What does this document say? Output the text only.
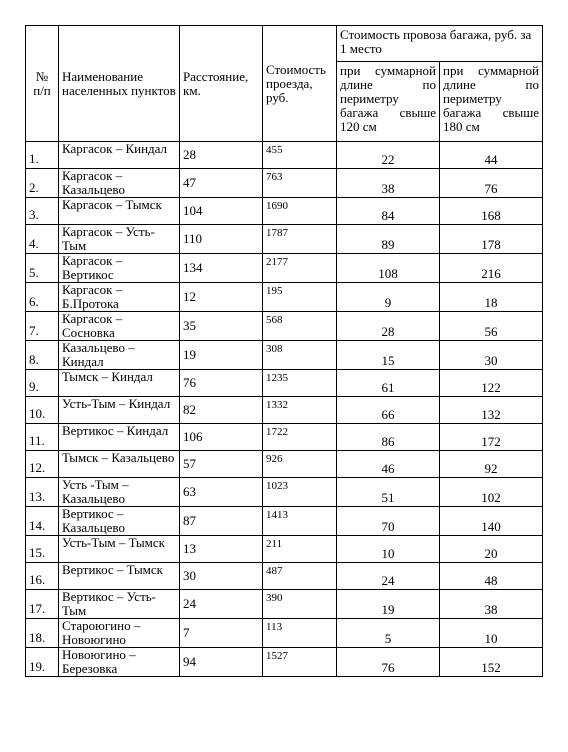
№ п/п	Наименование населенных пунктов	Расстояние, км.	Стоимость проезда, руб.	Стоимость провоза багажа, руб. за 1 место	
				при суммарной длине по периметру багажа свыше 120 см	при суммарной длине по периметру багажа свыше 180 см
1.	Каргасок – Киндал	28	455	22	44
2.	Каргасок – Казальцево	47	763	38	76
3.	Каргасок – Тымск	104	1690	84	168
4.	Каргасок – Усть-Тым	110	1787	89	178
5.	Каргасок – Вертикос	134	2177	108	216
6.	Каргасок – Б.Протока	12	195	9	18
7.	Каргасок – Сосновка	35	568	28	56
8.	Казальцево – Киндал	19	308	15	30
9.	Тымск – Киндал	76	1235	61	122
10.	Усть-Тым – Киндал	82	1332	66	132
11.	Вертикос – Киндал	106	1722	86	172
12.	Тымск – Казальцево	57	926	46	92
13.	Усть -Тым – Казальцево	63	1023	51	102
14.	Вертикос – Казальцево	87	1413	70	140
15.	Усть-Тым – Тымск	13	211	10	20
16.	Вертикос – Тымск	30	487	24	48
17.	Вертикос – Усть-Тым	24	390	19	38
18.	Староюгино – Новоюгино	7	113	5	10
19.	Новоюгино – Березовка	94	1527	76	152
